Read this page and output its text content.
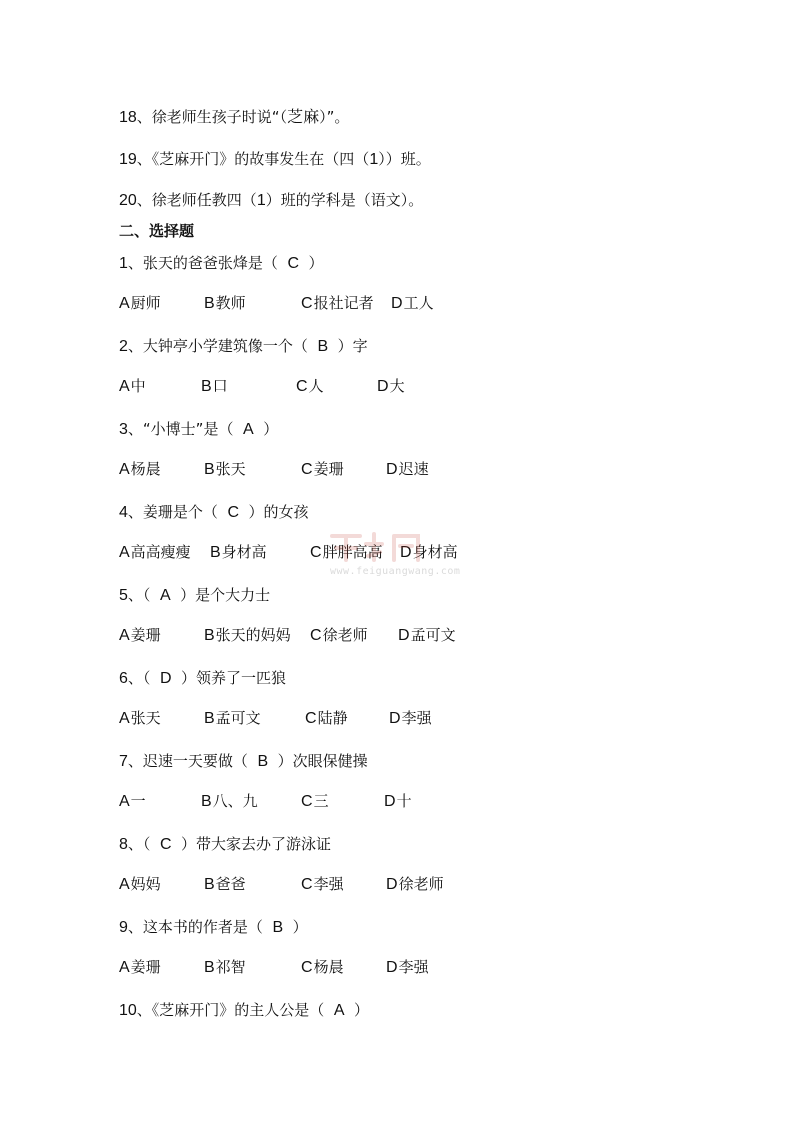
18、徐老师生孩子时说“（芝麻）”。
19、《芝麻开门》的故事发生在（四（1））班。
20、徐老师任教四（1）班的学科是（语文）。
二、选择题
1、张天的爸爸张烽是（  C  ）
A厨师	B教师	C报社记者 D工人
2、大钟亭小学建筑像一个（  B  ）字
A中	B口	C人	D大
3、“小博士”是（  A  ）
A杨晨	B张天	C姜珊	D迟速
4、姜珊是个（  C  ）的女孩
A高高瘦瘦 B身材高	C胖胖高高 D身材高
5、（  A  ）是个大力士
A姜珊	B张天的妈妈 C徐老师 D孟可文
6、（  D  ）领养了一匹狼
A张天	B孟可文	C陆静	D李强
7、迟速一天要做（  B  ）次眼保健操
A一	B八、九	C三	D十
8、（  C  ）带大家去办了游泳证
A妈妈	B爸爸	C李强	D徐老师
9、这本书的作者是（  B  ）
A姜珊	B祁智	C杨晨	D李强
10、《芝麻开门》的主人公是（  A  ）
www.feiguangwang.com
